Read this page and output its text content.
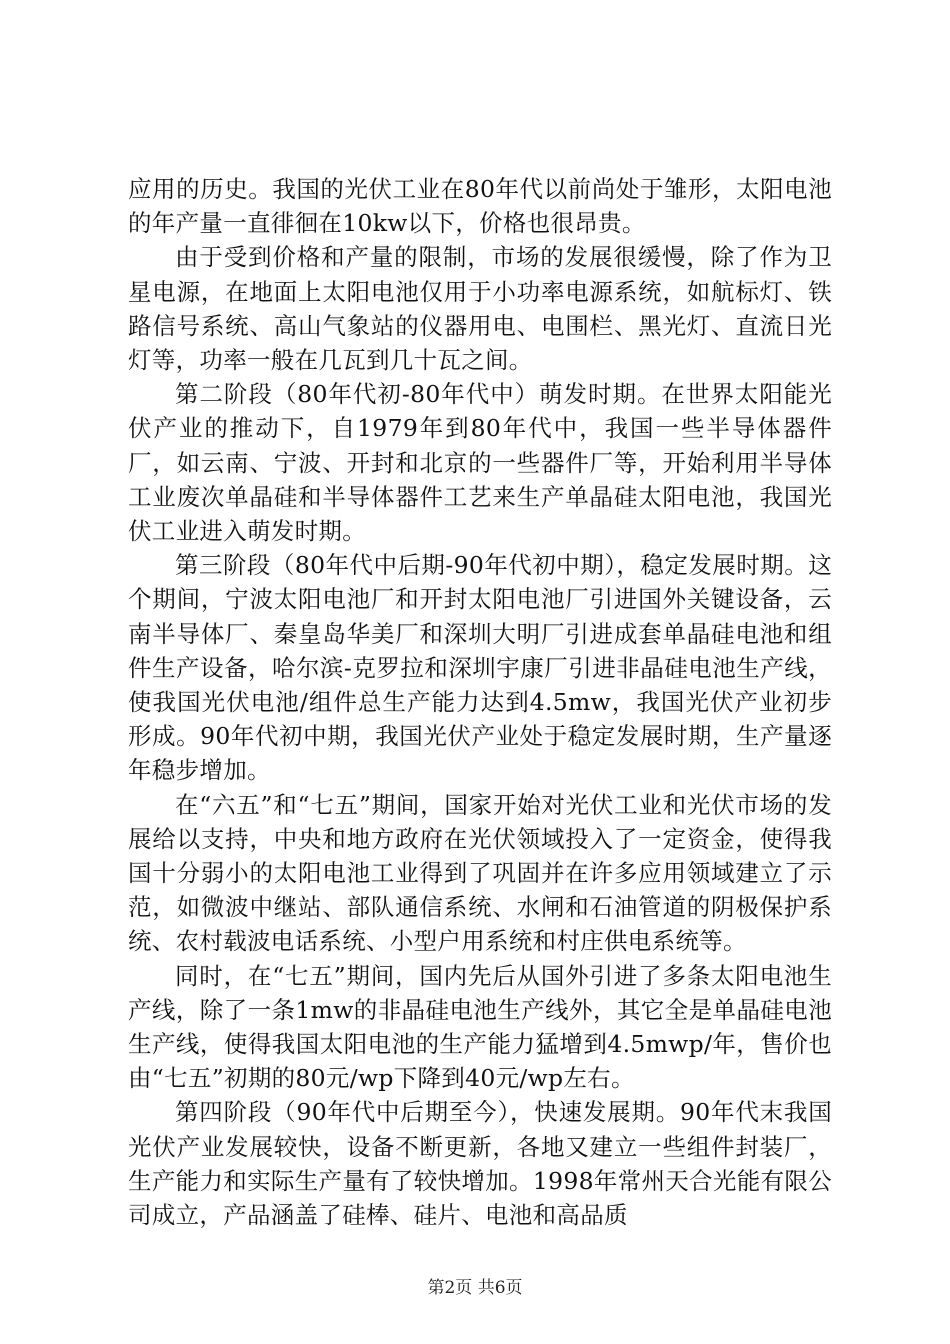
应用的历史。我国的光伏工业在80年代以前尚处于雏形，太阳电池的年产量一直徘徊在10kw以下，价格也很昂贵。

由于受到价格和产量的限制，市场的发展很缓慢，除了作为卫星电源，在地面上太阳电池仅用于小功率电源系统，如航标灯、铁路信号系统、高山气象站的仪器用电、电围栏、黑光灯、直流日光灯等，功率一般在几瓦到几十瓦之间。

第二阶段（80年代初-80年代中）萌发时期。在世界太阳能光伏产业的推动下，自1979年到80年代中，我国一些半导体器件厂，如云南、宁波、开封和北京的一些器件厂等，开始利用半导体工业废次单晶硅和半导体器件工艺来生产单晶硅太阳电池，我国光伏工业进入萌发时期。

第三阶段（80年代中后期-90年代初中期），稳定发展时期。这个期间，宁波太阳电池厂和开封太阳电池厂引进国外关键设备，云南半导体厂、秦皇岛华美厂和深圳大明厂引进成套单晶硅电池和组件生产设备，哈尔滨-克罗拉和深圳宇康厂引进非晶硅电池生产线，使我国光伏电池/组件总生产能力达到4.5mw，我国光伏产业初步形成。90年代初中期，我国光伏产业处于稳定发展时期，生产量逐年稳步增加。

在“六五”和“七五”期间，国家开始对光伏工业和光伏市场的发展给以支持，中央和地方政府在光伏领域投入了一定资金，使得我国十分弱小的太阳电池工业得到了巩固并在许多应用领域建立了示范，如微波中继站、部队通信系统、水闸和石油管道的阴极保护系统、农村载波电话系统、小型户用系统和村庄供电系统等。

同时，在“七五”期间，国内先后从国外引进了多条太阳电池生产线，除了一条1mw的非晶硅电池生产线外，其它全是单晶硅电池生产线，使得我国太阳电池的生产能力猛增到4.5mwp/年，售价也由“七五”初期的80元/wp下降到40元/wp左右。

第四阶段（90年代中后期至今），快速发展期。90年代末我国光伏产业发展较快，设备不断更新，各地又建立一些组件封装厂，生产能力和实际生产量有了较快增加。1998年常州天合光能有限公司成立，产品涵盖了硅棒、硅片、电池和高品质

第2页 共6页
